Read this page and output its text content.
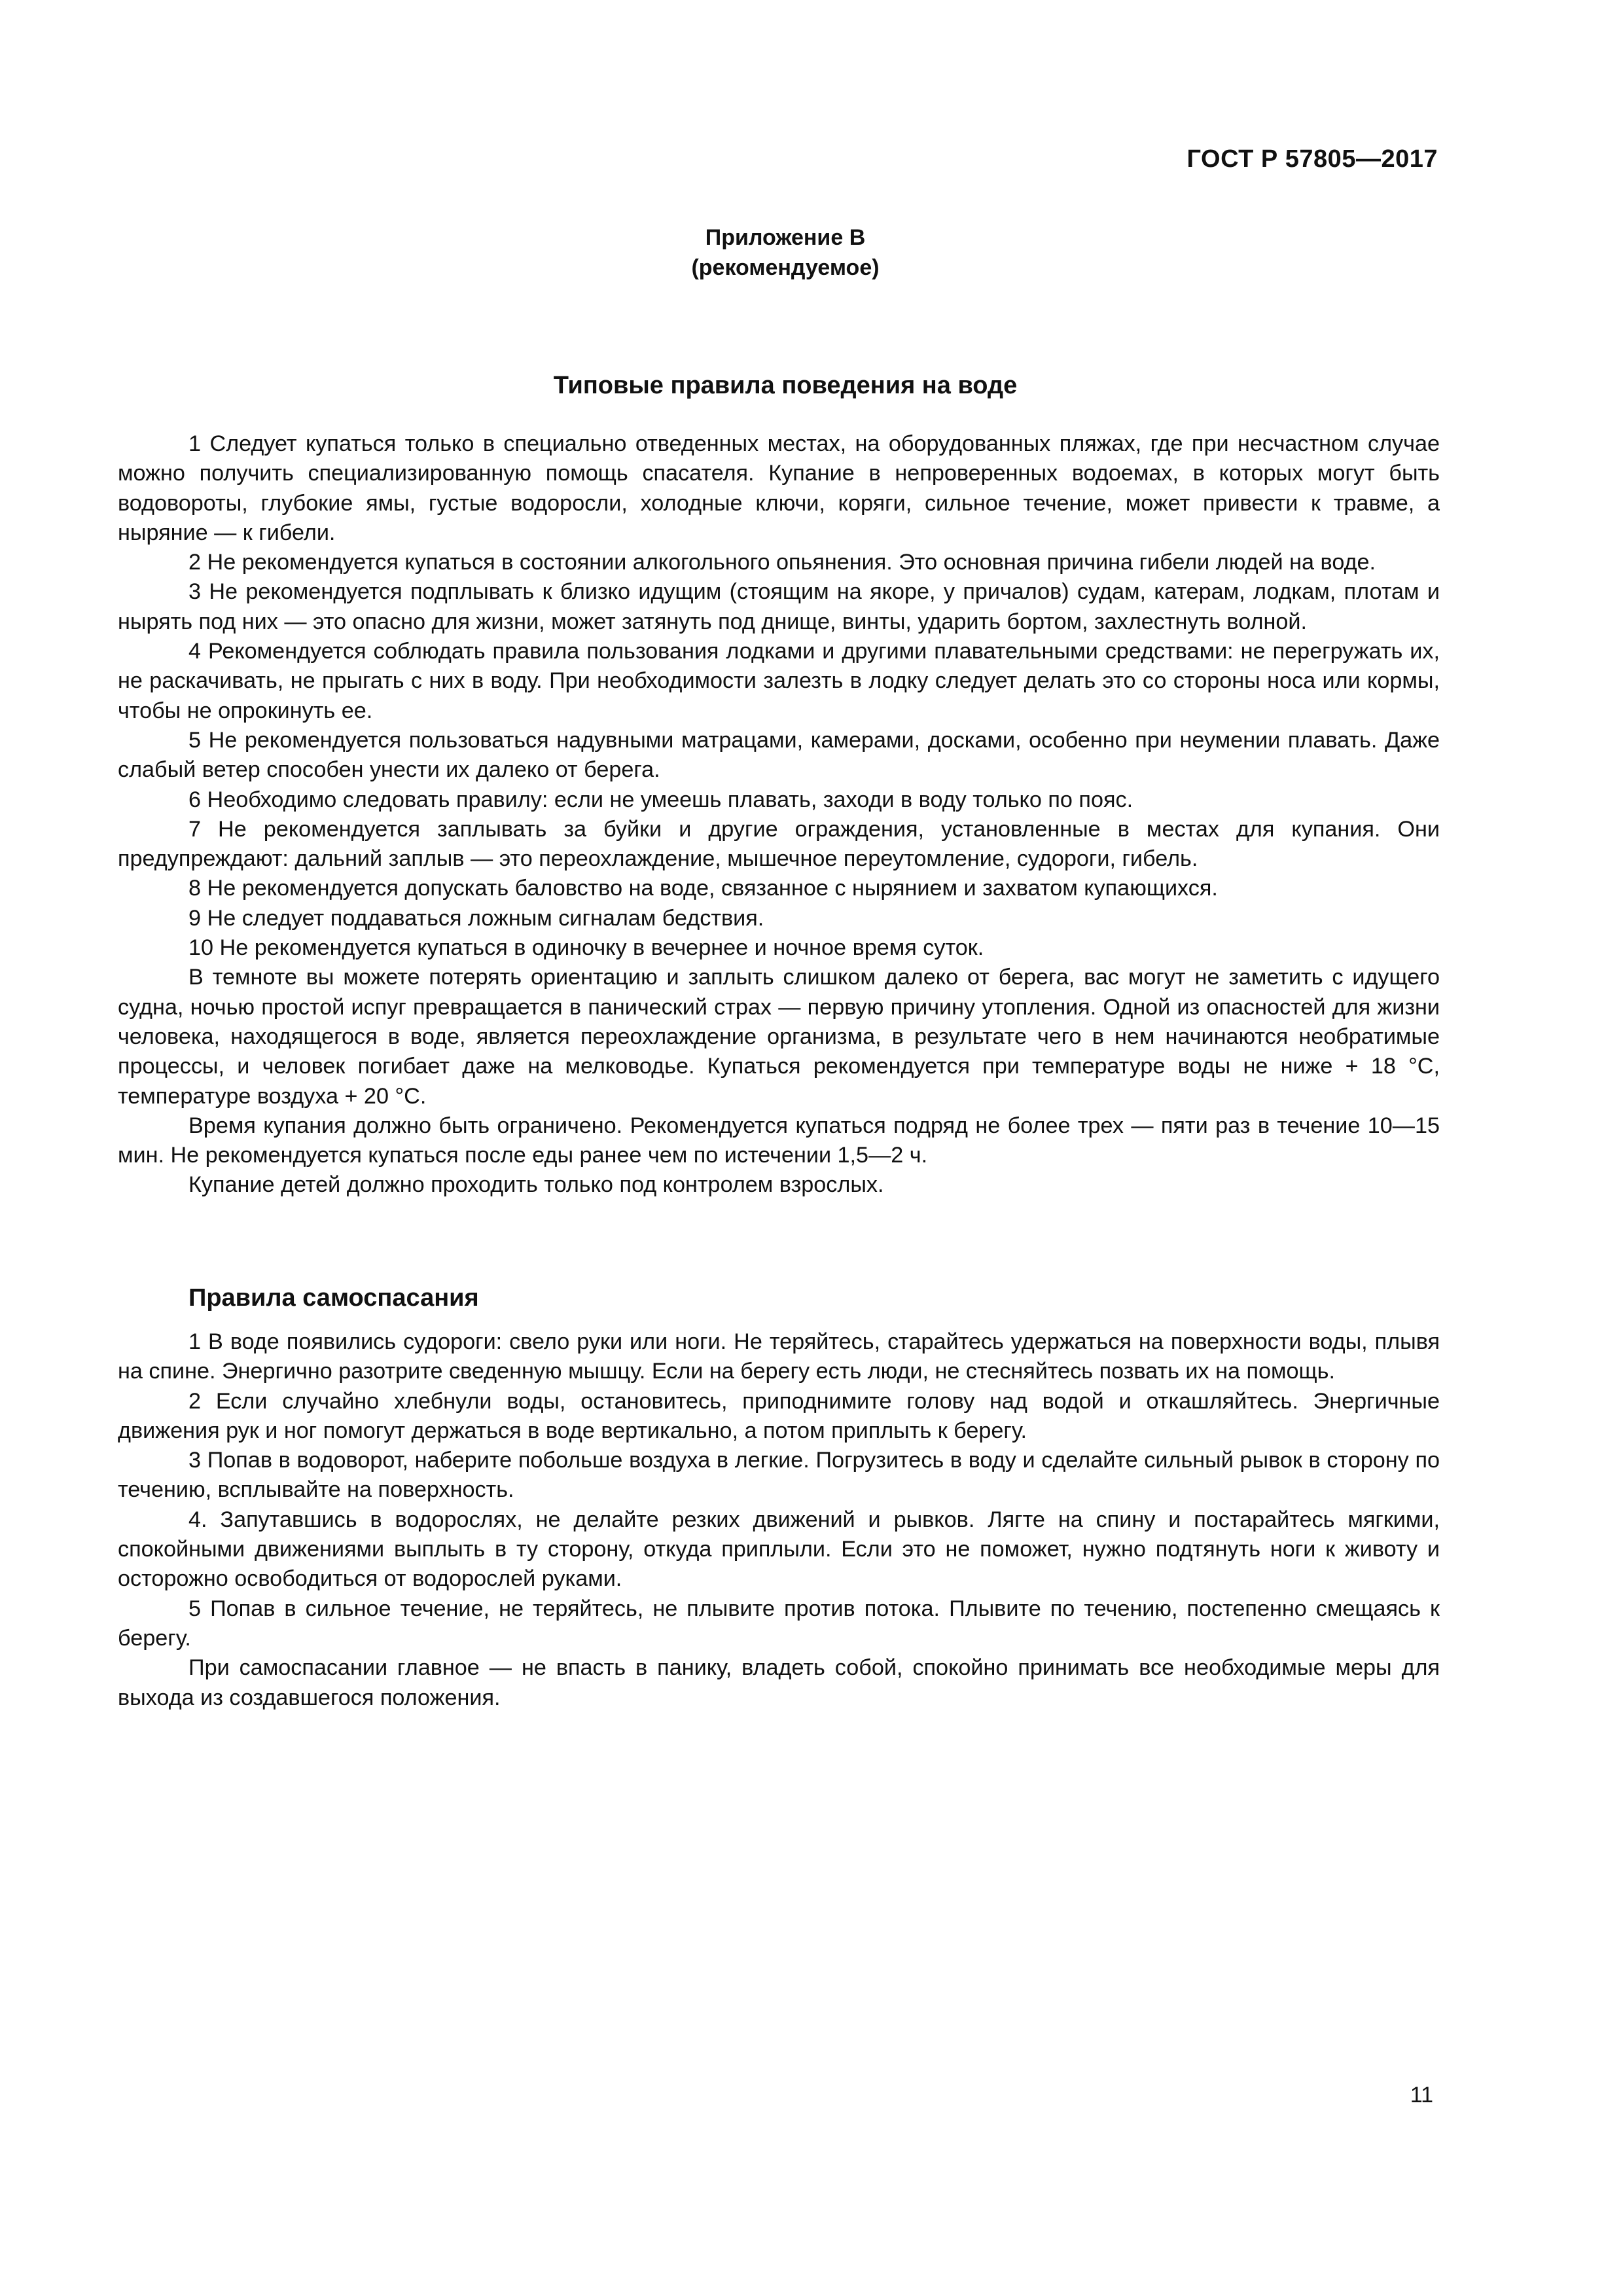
ГОСТ Р 57805—2017
Приложение В
(рекомендуемое)
Типовые правила поведения на воде

1 Следует купаться только в специально отведенных местах, на оборудованных пляжах, где при несчастном случае можно получить специализированную помощь спасателя. Купание в непроверенных водоемах, в которых могут быть водовороты, глубокие ямы, густые водоросли, холодные ключи, коряги, сильное течение, может привести к травме, а ныряние — к гибели.

2 Не рекомендуется купаться в состоянии алкогольного опьянения. Это основная причина гибели людей на воде.

3 Не рекомендуется подплывать к близко идущим (стоящим на якоре, у причалов) судам, катерам, лодкам, плотам и нырять под них — это опасно для жизни, может затянуть под днище, винты, ударить бортом, захлестнуть волной.

4 Рекомендуется соблюдать правила пользования лодками и другими плавательными средствами: не перегружать их, не раскачивать, не прыгать с них в воду. При необходимости залезть в лодку следует делать это со стороны носа или кормы, чтобы не опрокинуть ее.

5 Не рекомендуется пользоваться надувными матрацами, камерами, досками, особенно при неумении плавать. Даже слабый ветер способен унести их далеко от берега.

6 Необходимо следовать правилу: если не умеешь плавать, заходи в воду только по пояс.

7 Не рекомендуется заплывать за буйки и другие ограждения, установленные в местах для купания. Они предупреждают: дальний заплыв — это переохлаждение, мышечное переутомление, судороги, гибель.

8 Не рекомендуется допускать баловство на воде, связанное с нырянием и захватом купающихся.

9 Не следует поддаваться ложным сигналам бедствия.

10 Не рекомендуется купаться в одиночку в вечернее и ночное время суток.

В темноте вы можете потерять ориентацию и заплыть слишком далеко от берега, вас могут не заметить с идущего судна, ночью простой испуг превращается в панический страх — первую причину утопления. Одной из опасностей для жизни человека, находящегося в воде, является переохлаждение организма, в результате чего в нем начинаются необратимые процессы, и человек погибает даже на мелководье. Купаться рекомендуется при температуре воды не ниже + 18 °С, температуре воздуха + 20 °С.

Время купания должно быть ограничено. Рекомендуется купаться подряд не более трех — пяти раз в течение 10—15 мин. Не рекомендуется купаться после еды ранее чем по истечении 1,5—2 ч.

Купание детей должно проходить только под контролем взрослых.

Правила самоспасания

1 В воде появились судороги: свело руки или ноги. Не теряйтесь, старайтесь удержаться на поверхности воды, плывя на спине. Энергично разотрите сведенную мышцу. Если на берегу есть люди, не стесняйтесь позвать их на помощь.

2 Если случайно хлебнули воды, остановитесь, приподнимите голову над водой и откашляйтесь. Энергичные движения рук и ног помогут держаться в воде вертикально, а потом приплыть к берегу.

3 Попав в водоворот, наберите побольше воздуха в легкие. Погрузитесь в воду и сделайте сильный рывок в сторону по течению, всплывайте на поверхность.

4. Запутавшись в водорослях, не делайте резких движений и рывков. Лягте на спину и постарайтесь мягкими, спокойными движениями выплыть в ту сторону, откуда приплыли. Если это не поможет, нужно подтянуть ноги к животу и осторожно освободиться от водорослей руками.

5 Попав в сильное течение, не теряйтесь, не плывите против потока. Плывите по течению, постепенно смещаясь к берегу.

При самоспасании главное — не впасть в панику, владеть собой, спокойно принимать все необходимые меры для выхода из создавшегося положения.

11
